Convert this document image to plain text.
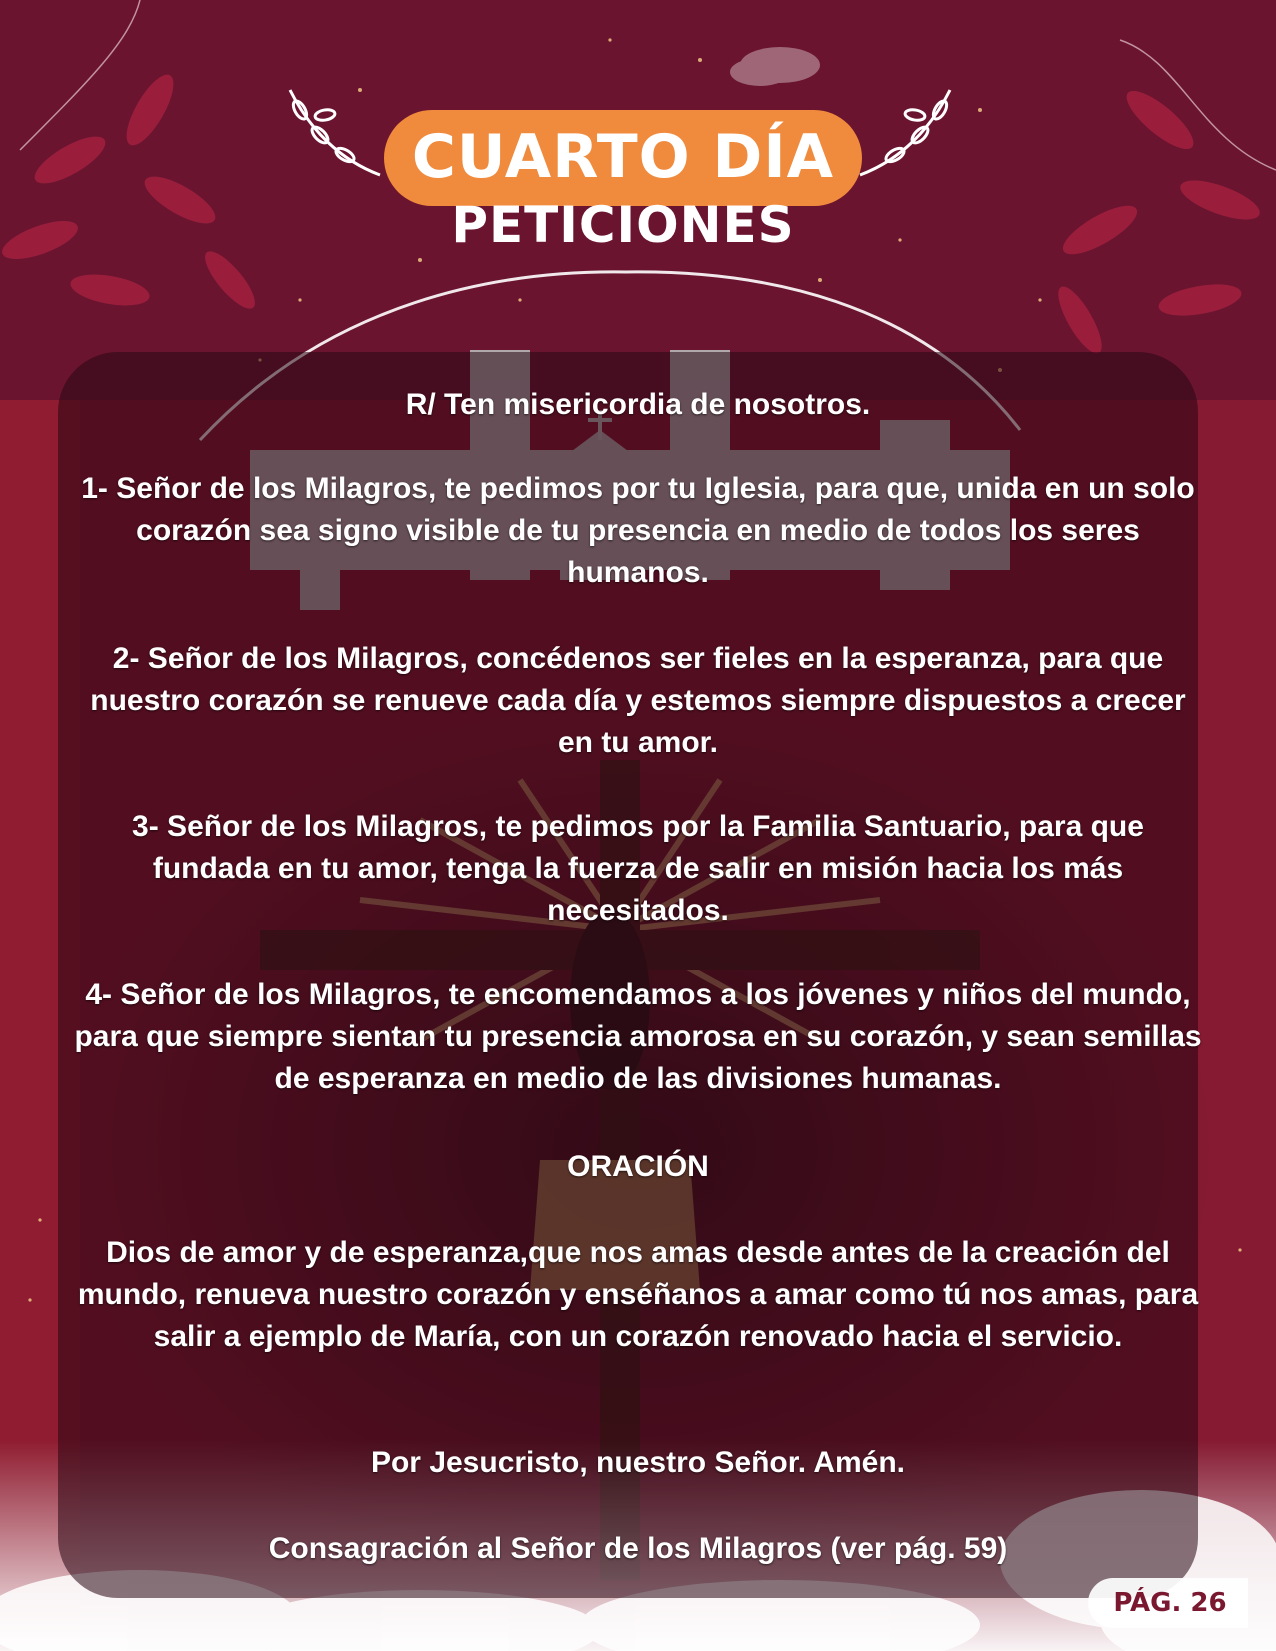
CUARTO DÍA
PETICIONES
R/ Ten misericordia de nosotros.
1- Señor de los Milagros, te pedimos por tu Iglesia, para que, unida en un solo corazón sea signo visible de tu presencia en medio de todos los seres humanos.
2- Señor de los Milagros, concédenos ser fieles en la esperanza, para que nuestro corazón se renueve cada día y estemos siempre dispuestos a crecer en tu amor.
3- Señor de los Milagros, te pedimos por la Familia Santuario, para que fundada en tu amor, tenga la fuerza de salir en misión hacia los más necesitados.
4- Señor de los Milagros, te encomendamos a los jóvenes y niños del mundo, para que siempre sientan tu presencia amorosa en su corazón, y sean semillas de esperanza en medio de las divisiones humanas.
ORACIÓN
Dios de amor y de esperanza,que nos amas desde antes de la creación del mundo, renueva nuestro corazón y enséñanos a amar como tú nos amas, para salir a ejemplo de María, con un corazón renovado hacia el servicio.
Por Jesucristo, nuestro Señor. Amén.
Consagración al Señor de los Milagros (ver pág. 59)
PÁG. 26
